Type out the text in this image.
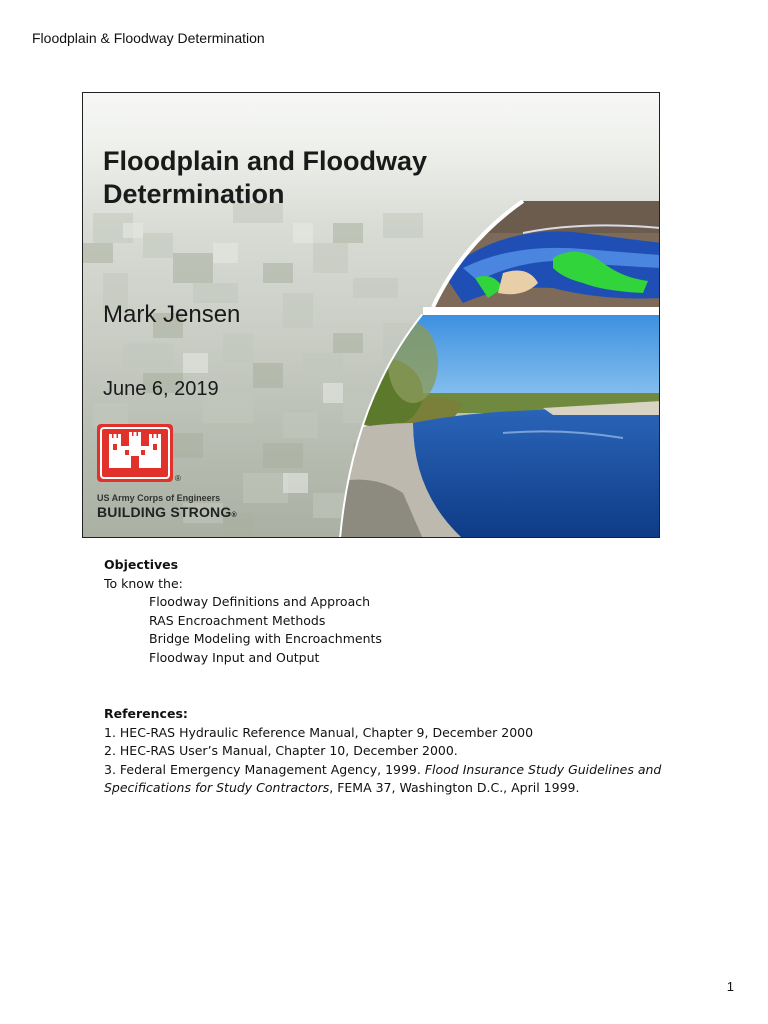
Floodplain & Floodway Determination
Floodplain and Floodway
Determination
Mark Jensen
June 6, 2019
®
US Army Corps of Engineers
BUILDING STRONG®
Objectives
To know the:
Floodway Definitions and Approach
RAS Encroachment Methods
Bridge Modeling with Encroachments
Floodway Input and Output
References:
1. HEC-RAS Hydraulic Reference Manual, Chapter 9, December 2000
2. HEC-RAS User’s Manual, Chapter 10, December 2000.
3. Federal Emergency Management Agency, 1999. Flood Insurance Study Guidelines and Specifications for Study Contractors, FEMA 37, Washington D.C., April 1999.
1
